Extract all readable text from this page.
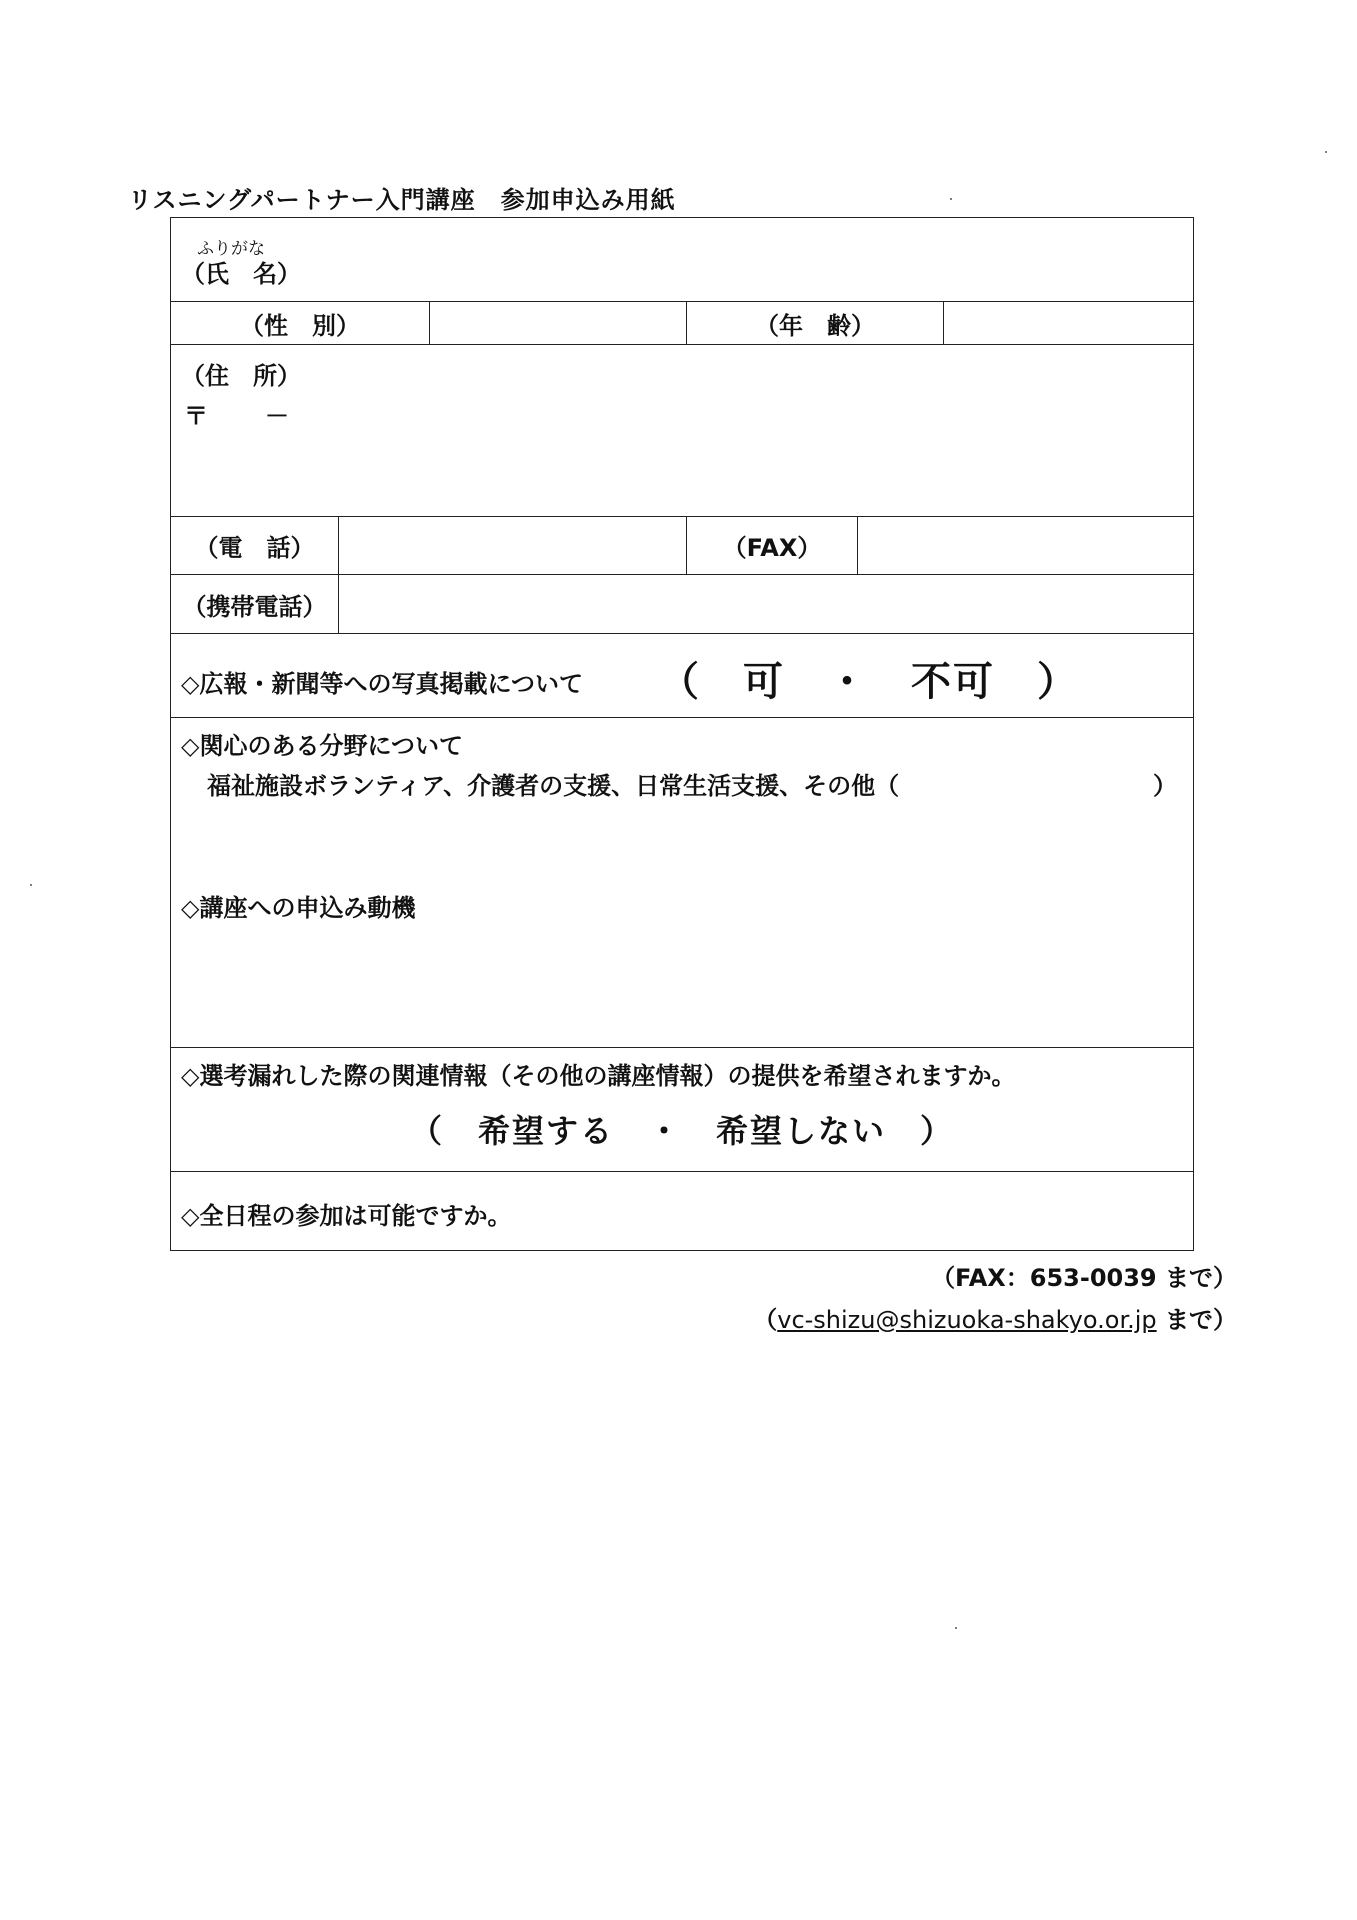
リスニングパートナー入門講座　参加申込み用紙
ふりがな
（氏　名）
（性　別）	（年　齢）
（住　所）
〒 －
（電　話）	（FAX）
（携帯電話）
◇広報・新聞等への写真掲載について （　可　・　不可　）
◇関心のある分野について
福祉施設ボランティア、介護者の支援、日常生活支援、その他（	）
◇講座への申込み動機
◇選考漏れした際の関連情報（その他の講座情報）の提供を希望されますか。
（　希望する　・　希望しない　）
◇全日程の参加は可能ですか。
（FAX：653-0039 まで）
（vc-shizu@shizuoka-shakyo.or.jp まで）
